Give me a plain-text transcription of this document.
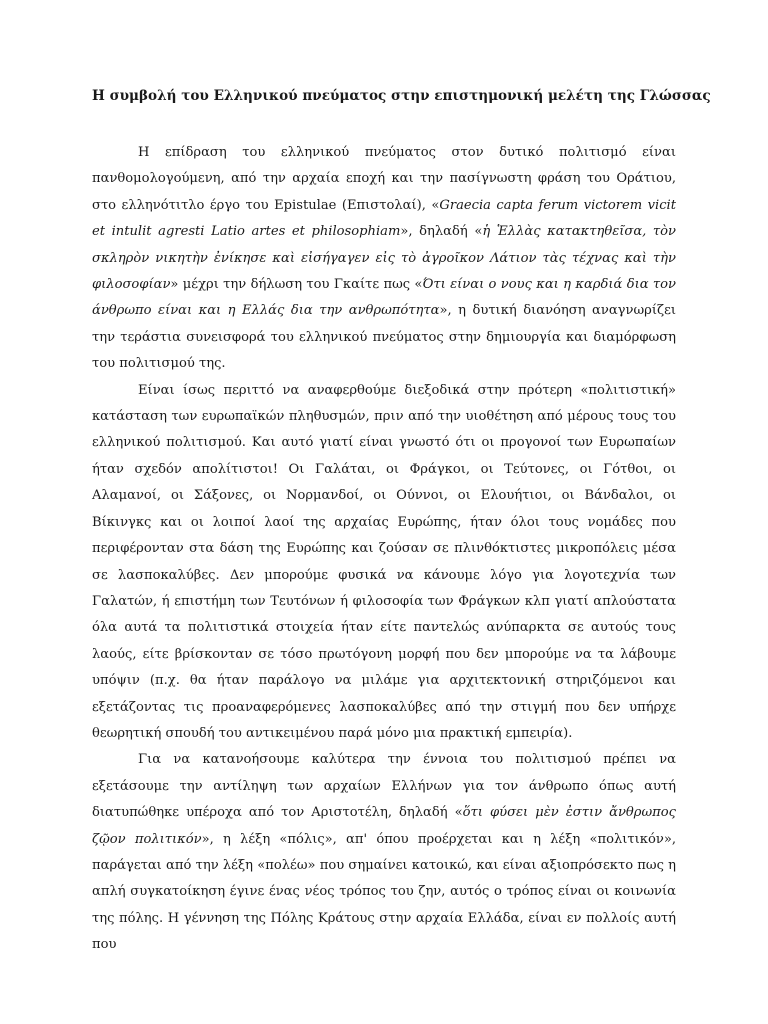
Η συμβολή του Ελληνικού πνεύματος στην επιστημονική μελέτη της Γλώσσας

Η επίδραση του ελληνικού πνεύματος στον δυτικό πολιτισμό είναι πανθομολογούμενη, από την αρχαία εποχή και την πασίγνωστη φράση του Οράτιου, στο ελληνότιτλο έργο του Epistulae (Επιστολαί), «Graecia capta ferum victorem vicit et intulit agresti Latio artes et philosophiam», δηλαδή «ἡ Ἑλλὰς κατακτηθεῖσα, τὸν σκληρὸν νικητὴν ἐνίκησε καὶ εἰσήγαγεν εἰς τὸ ἀγροῖκον Λάτιον τὰς τέχνας καὶ τὴν φιλοσοφίαν» μέχρι την δήλωση του Γκαίτε πως «Ότι είναι ο νους και η καρδιά δια τον άνθρωπο είναι και η Ελλάς δια την ανθρωπότητα», η δυτική διανόηση αναγνωρίζει την τεράστια συνεισφορά του ελληνικού πνεύματος στην δημιουργία και διαμόρφωση του πολιτισμού της.

Είναι ίσως περιττό να αναφερθούμε διεξοδικά στην πρότερη «πολιτιστική» κατάσταση των ευρωπαϊκών πληθυσμών, πριν από την υιοθέτηση από μέρους τους του ελληνικού πολιτισμού. Και αυτό γιατί είναι γνωστό ότι οι προγονοί των Ευρωπαίων ήταν σχεδόν απολίτιστοι! Οι Γαλάται, οι Φράγκοι, οι Τεύτονες, οι Γότθοι, οι Αλαμανοί, οι Σάξονες, οι Νορμανδοί, οι Ούννοι, οι Ελουήτιοι, οι Βάνδαλοι, οι Βίκινγκς και οι λοιποί λαοί της αρχαίας Ευρώπης, ήταν όλοι τους νομάδες που περιφέρονταν στα δάση της Ευρώπης και ζούσαν σε πλινθόκτιστες μικροπόλεις μέσα σε λασποκαλύβες. Δεν μπορούμε φυσικά να κάνουμε λόγο για λογοτεχνία των Γαλατών, ή επιστήμη των Τευτόνων ή φιλοσοφία των Φράγκων κλπ γιατί απλούστατα όλα αυτά τα πολιτιστικά στοιχεία ήταν είτε παντελώς ανύπαρκτα σε αυτούς τους λαούς, είτε βρίσκονταν σε τόσο πρωτόγονη μορφή που δεν μπορούμε να τα λάβουμε υπόψιν (π.χ. θα ήταν παράλογο να μιλάμε για αρχιτεκτονική στηριζόμενοι και εξετάζοντας τις προαναφερόμενες λασποκαλύβες από την στιγμή που δεν υπήρχε θεωρητική σπουδή του αντικειμένου παρά μόνο μια πρακτική εμπειρία).

Για να κατανοήσουμε καλύτερα την έννοια του πολιτισμού πρέπει να εξετάσουμε την αντίληψη των αρχαίων Ελλήνων για τον άνθρωπο όπως αυτή διατυπώθηκε υπέροχα από τον Αριστοτέλη, δηλαδή «ὅτι φύσει μὲν ἐστιν ἄνθρωπος ζῷον πολιτικόν», η λέξη «πόλις», απ' όπου προέρχεται και η λέξη «πολιτικόν», παράγεται από την λέξη «πολέω» που σημαίνει κατοικώ, και είναι αξιοπρόσεκτο πως η απλή συγκατοίκηση έγινε ένας νέος τρόπος του ζην, αυτός ο τρόπος είναι οι κοινωνία της πόλης. Η γέννηση της Πόλης Κράτους στην αρχαία Ελλάδα, είναι εν πολλοίς αυτή που
